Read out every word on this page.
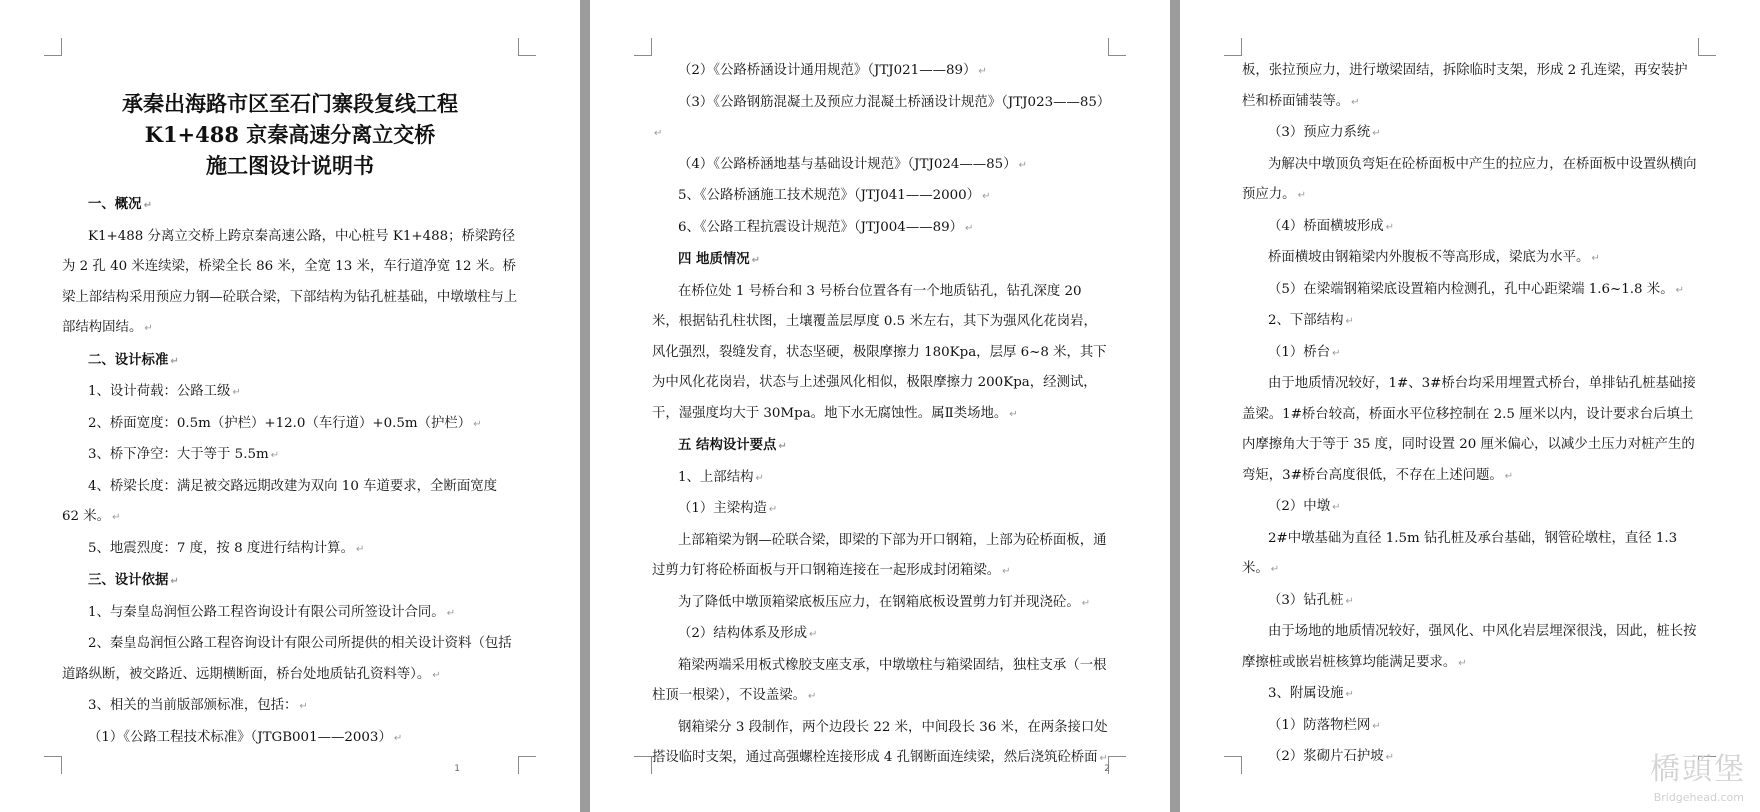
承秦出海路市区至石门寨段复线工程
K1+488 京秦高速分离立交桥
施工图设计说明书
一、概况 ↵
K1+488 分离立交桥上跨京秦高速公路，中心桩号 K1+488；桥梁跨径为 2 孔 40 米连续梁，桥梁全长 86 米，全宽 13 米，车行道净宽 12 米。桥梁上部结构采用预应力钢—砼联合梁，下部结构为钻孔桩基础，中墩墩柱与上部结构固结。 ↵
二、设计标准 ↵
1、设计荷载：公路工级 ↵
2、桥面宽度：0.5m（护栏）+12.0（车行道）+0.5m（护栏） ↵
3、桥下净空：大于等于 5.5m ↵
4、桥梁长度：满足被交路远期改建为双向 10 车道要求，全断面宽度 62 米。 ↵
5、地震烈度：7 度，按 8 度进行结构计算。 ↵
三、设计依据 ↵
1、与秦皇岛润恒公路工程咨询设计有限公司所签设计合同。 ↵
2、秦皇岛润恒公路工程咨询设计有限公司所提供的相关设计资料（包括道路纵断，被交路近、远期横断面，桥台处地质钻孔资料等）。 ↵
3、相关的当前版部颁标准，包括： ↵
（1）《公路工程技术标准》（JTGB001——2003） ↵
1
（2）《公路桥涵设计通用规范》（JTJ021——89） ↵
（3）《公路钢筋混凝土及预应力混凝土桥涵设计规范》（JTJ023——85）↵
（4）《公路桥涵地基与基础设计规范》（JTJ024——85） ↵
5、《公路桥涵施工技术规范》（JTJ041——2000） ↵
6、《公路工程抗震设计规范》（JTJ004——89） ↵
四 地质情况 ↵
在桥位处 1 号桥台和 3 号桥台位置各有一个地质钻孔，钻孔深度 20 米，根据钻孔柱状图，土壤覆盖层厚度 0.5 米左右，其下为强风化花岗岩，风化强烈，裂缝发育，状态坚硬，极限摩擦力 180Kpa，层厚 6~8 米，其下为中风化花岗岩，状态与上述强风化相似，极限摩擦力 200Kpa，经测试，干，湿强度均大于 30Mpa。地下水无腐蚀性。属Ⅱ类场地。 ↵
五 结构设计要点 ↵
1、上部结构 ↵
（1）主梁构造 ↵
上部箱梁为钢—砼联合梁，即梁的下部为开口钢箱，上部为砼桥面板，通过剪力钉将砼桥面板与开口钢箱连接在一起形成封闭箱梁。 ↵
为了降低中墩顶箱梁底板压应力，在钢箱底板设置剪力钉并现浇砼。 ↵
（2）结构体系及形成 ↵
箱梁两端采用板式橡胶支座支承，中墩墩柱与箱梁固结，独柱支承（一根柱顶一根梁），不设盖梁。 ↵
钢箱梁分 3 段制作，两个边段长 22 米，中间段长 36 米，在两条接口处搭设临时支架，通过高强螺栓连接形成 4 孔钢断面连续梁，然后浇筑砼桥面 ↵
2
板，张拉预应力，进行墩梁固结，拆除临时支架，形成 2 孔连梁，再安装护栏和桥面铺装等。 ↵
（3）预应力系统 ↵
为解决中墩顶负弯矩在砼桥面板中产生的拉应力，在桥面板中设置纵横向预应力。 ↵
（4）桥面横坡形成 ↵
桥面横坡由钢箱梁内外腹板不等高形成，梁底为水平。 ↵
（5）在梁端钢箱梁底设置箱内检测孔，孔中心距梁端 1.6~1.8 米。 ↵
2、下部结构 ↵
（1）桥台 ↵
由于地质情况较好，1#、3#桥台均采用埋置式桥台，单排钻孔桩基础接盖梁。1#桥台较高，桥面水平位移控制在 2.5 厘米以内，设计要求台后填土内摩擦角大于等于 35 度，同时设置 20 厘米偏心，以减少土压力对桩产生的弯矩，3#桥台高度很低，不存在上述问题。 ↵
（2）中墩 ↵
2#中墩基础为直径 1.5m 钻孔桩及承台基础，钢管砼墩柱，直径 1.3 米。 ↵
（3）钻孔桩 ↵
由于场地的地质情况较好，强风化、中风化岩层埋深很浅，因此，桩长按摩擦桩或嵌岩桩核算均能满足要求。 ↵
3、附属设施 ↵
（1）防落物栏网 ↵
（2）浆砌片石护坡 ↵	橋頭堡
Bridgehead.com
